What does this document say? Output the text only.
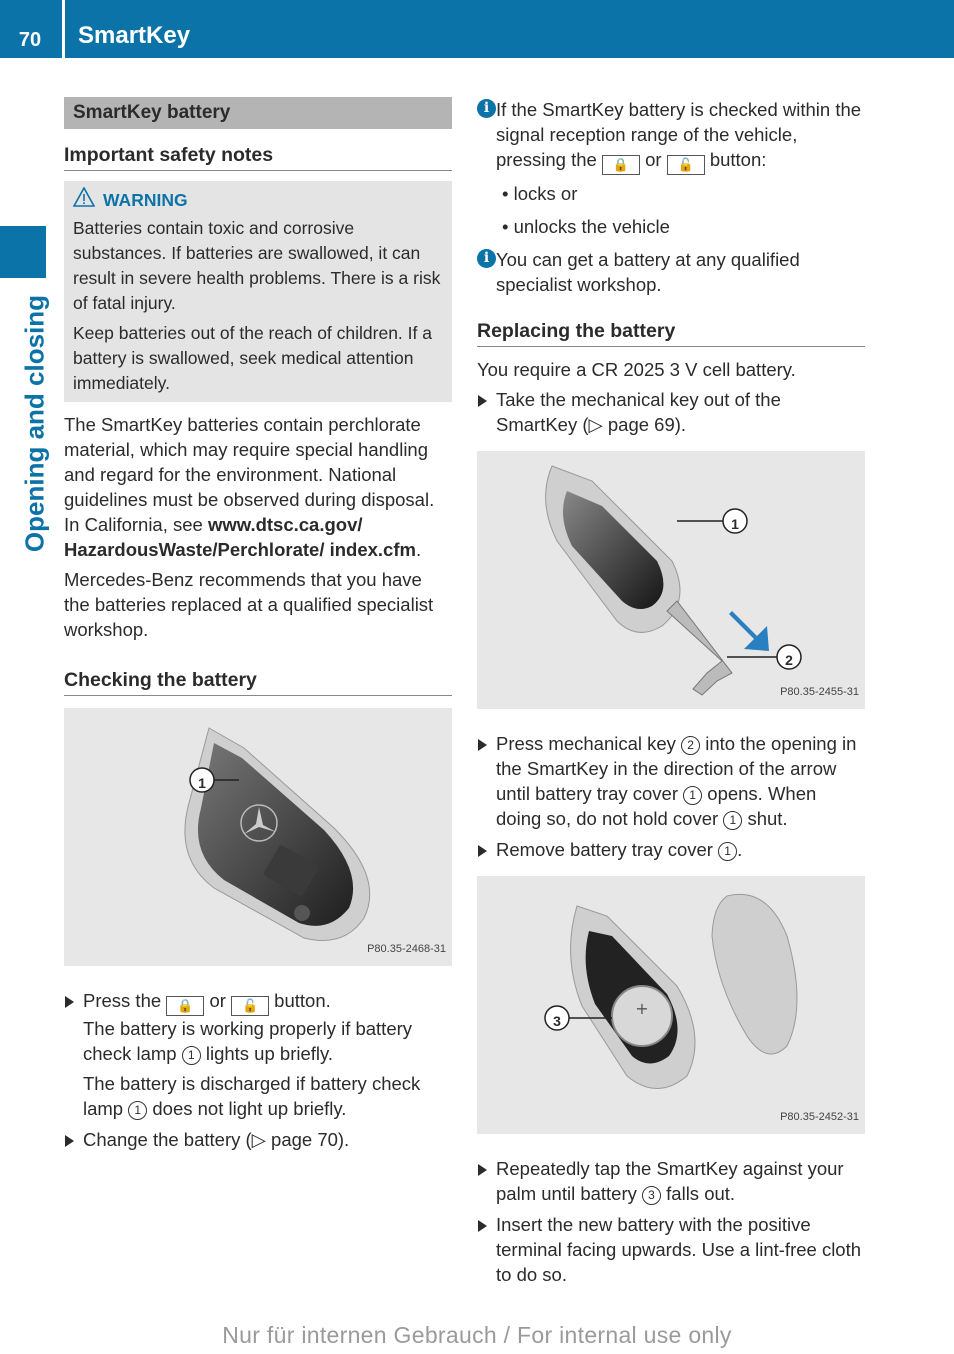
70	SmartKey
Opening and closing
SmartKey battery
Important safety notes
WARNING

Batteries contain toxic and corrosive substances. If batteries are swallowed, it can result in severe health problems. There is a risk of fatal injury.

Keep batteries out of the reach of children. If a battery is swallowed, seek medical attention immediately.

The SmartKey batteries contain perchlorate material, which may require special handling and regard for the environment. National guidelines must be observed during disposal. In California, see www.dtsc.ca.gov/ HazardousWaste/Perchlorate/ index.cfm.

Mercedes-Benz recommends that you have the batteries replaced at a qualified specialist workshop.

Checking the battery
1
P80.35-2468-31
Press the 🔒 or 🔓 button.
The battery is working properly if battery check lamp 1 lights up briefly.
The battery is discharged if battery check lamp 1 does not light up briefly.
Change the battery (▷ page 70).
i If the SmartKey battery is checked within the signal reception range of the vehicle, pressing the 🔒 or 🔓 button:
• locks or
• unlocks the vehicle
i You can get a battery at any qualified specialist workshop.
Replacing the battery

You require a CR 2025 3 V cell battery.

Take the mechanical key out of the SmartKey (▷ page 69).
1
2
P80.35-2455-31
Press mechanical key 2 into the opening in the SmartKey in the direction of the arrow until battery tray cover 1 opens. When doing so, do not hold cover 1 shut.
Remove battery tray cover 1 .
+
3
P80.35-2452-31
Repeatedly tap the SmartKey against your palm until battery 3 falls out.
Insert the new battery with the positive terminal facing upwards. Use a lint-free cloth to do so.
Nur für internen Gebrauch / For internal use only
